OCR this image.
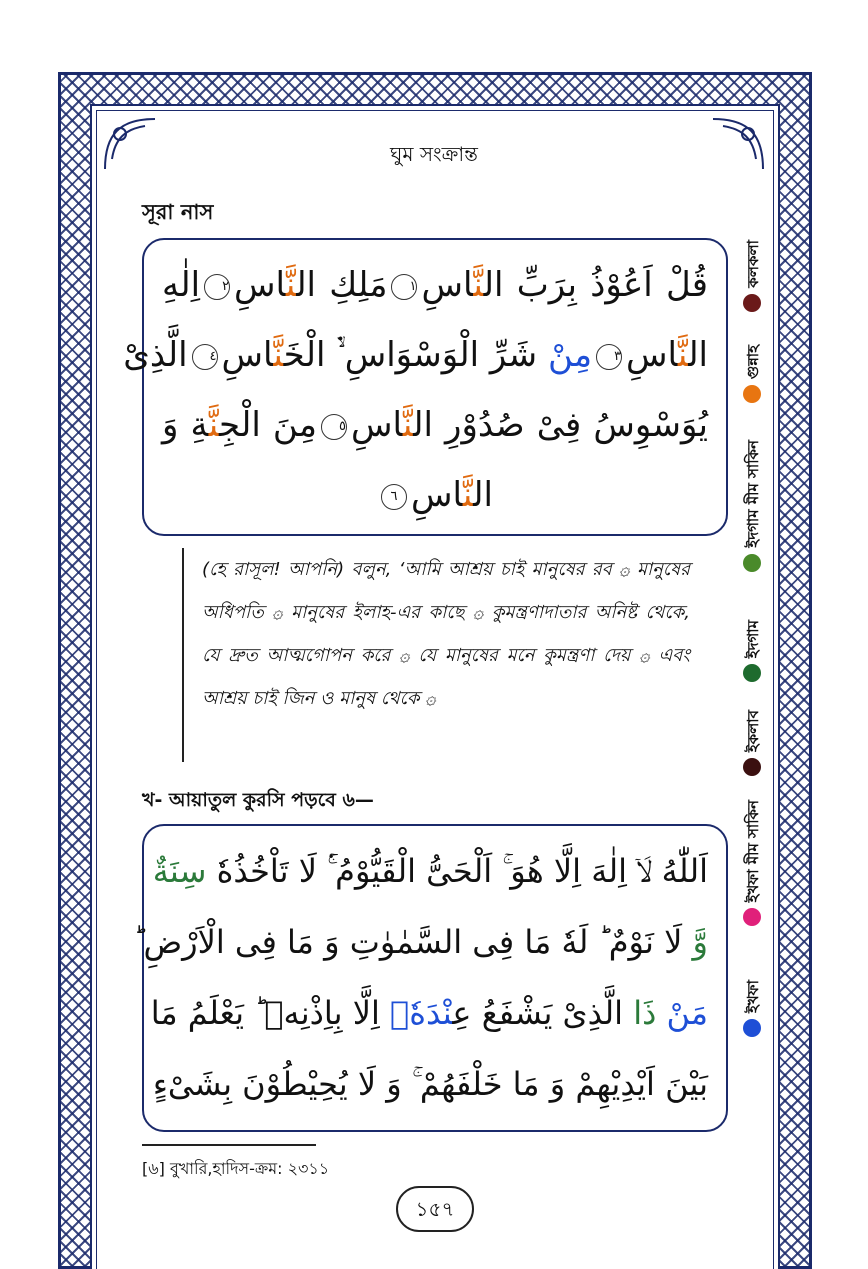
ঘুম সংক্রান্ত
সূরা নাস
قُلْ اَعُوْذُ بِرَبِّ النَّاسِ١مَلِكِ النَّاسِ٢اِلٰهِ
النَّاسِ٣مِنْ شَرِّ الْوَسْوَاسِ ۙ۬ الْخَنَّاسِ٤الَّذِیْ
یُوَسْوِسُ فِیْ صُدُوْرِ النَّاسِ٥مِنَ الْجِنَّةِ وَ
النَّاسِ٦

(হে রাসূল! আপনি) বলুন, ‘আমি আশ্রয় চাই মানুষের রব ۞ মানুষের অধিপতি ۞ মানুষের ইলাহ-এর কাছে ۞ কুমন্ত্রণাদাতার অনিষ্ট থেকে, যে দ্রুত আত্মগোপন করে ۞ যে মানুষের মনে কুমন্ত্রণা দেয় ۞ এবং আশ্রয় চাই জিন ও মানুষ থেকে ۞

খ- আয়াতুল কুরসি পড়বে ৬—
اَللّٰهُ لَاۤ اِلٰهَ اِلَّا هُوَ ۚ اَلْحَیُّ الْقَیُّوْمُ ۚ۬ لَا تَاْخُذُهٗ سِنَةٌ
وَّ لَا نَوْمٌ ؕ لَهٗ مَا فِی السَّمٰوٰتِ وَ مَا فِی الْاَرْضِ ؕ
مَنْ ذَا الَّذِیْ یَشْفَعُ عِنْدَهٗۤ اِلَّا بِاِذْنِهٖ ؕ یَعْلَمُ مَا
بَیْنَ اَیْدِیْهِمْ وَ مَا خَلْفَهُمْ ۚ وَ لَا یُحِیْطُوْنَ بِشَیْءٍ
কলকলা
গুন্নাহ
ইদগাম মীম সাকিন
ইদগাম
ইকলাব
ইখফা মীম সাকিন
ইখফা
[৬] বুখারি,হাদিস-ক্রম: ২৩১১
১৫৭
